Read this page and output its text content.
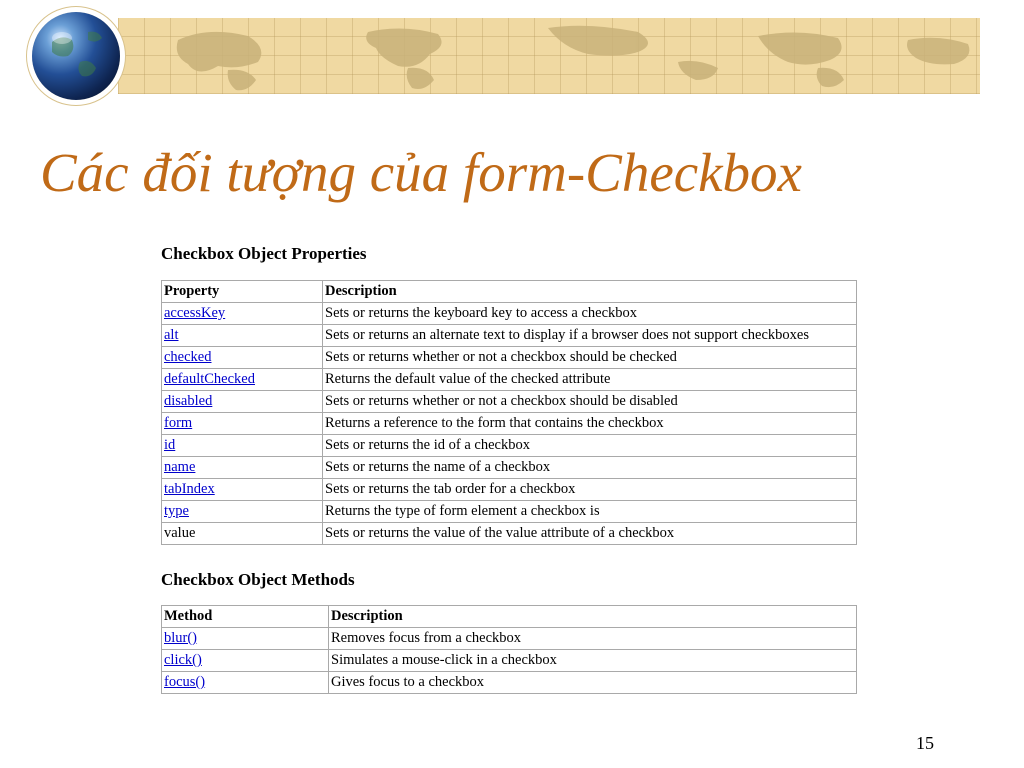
Các đối tượng của form-Checkbox
Checkbox Object Properties
Property	Description
accessKey	Sets or returns the keyboard key to access a checkbox
alt	Sets or returns an alternate text to display if a browser does not support checkboxes
checked	Sets or returns whether or not a checkbox should be checked
defaultChecked	Returns the default value of the checked attribute
disabled	Sets or returns whether or not a checkbox should be disabled
form	Returns a reference to the form that contains the checkbox
id	Sets or returns the id of a checkbox
name	Sets or returns the name of a checkbox
tabIndex	Sets or returns the tab order for a checkbox
type	Returns the type of form element a checkbox is
value	Sets or returns the value of the value attribute of a checkbox
Checkbox Object Methods
Method	Description
blur()	Removes focus from a checkbox
click()	Simulates a mouse-click in a checkbox
focus()	Gives focus to a checkbox
15
